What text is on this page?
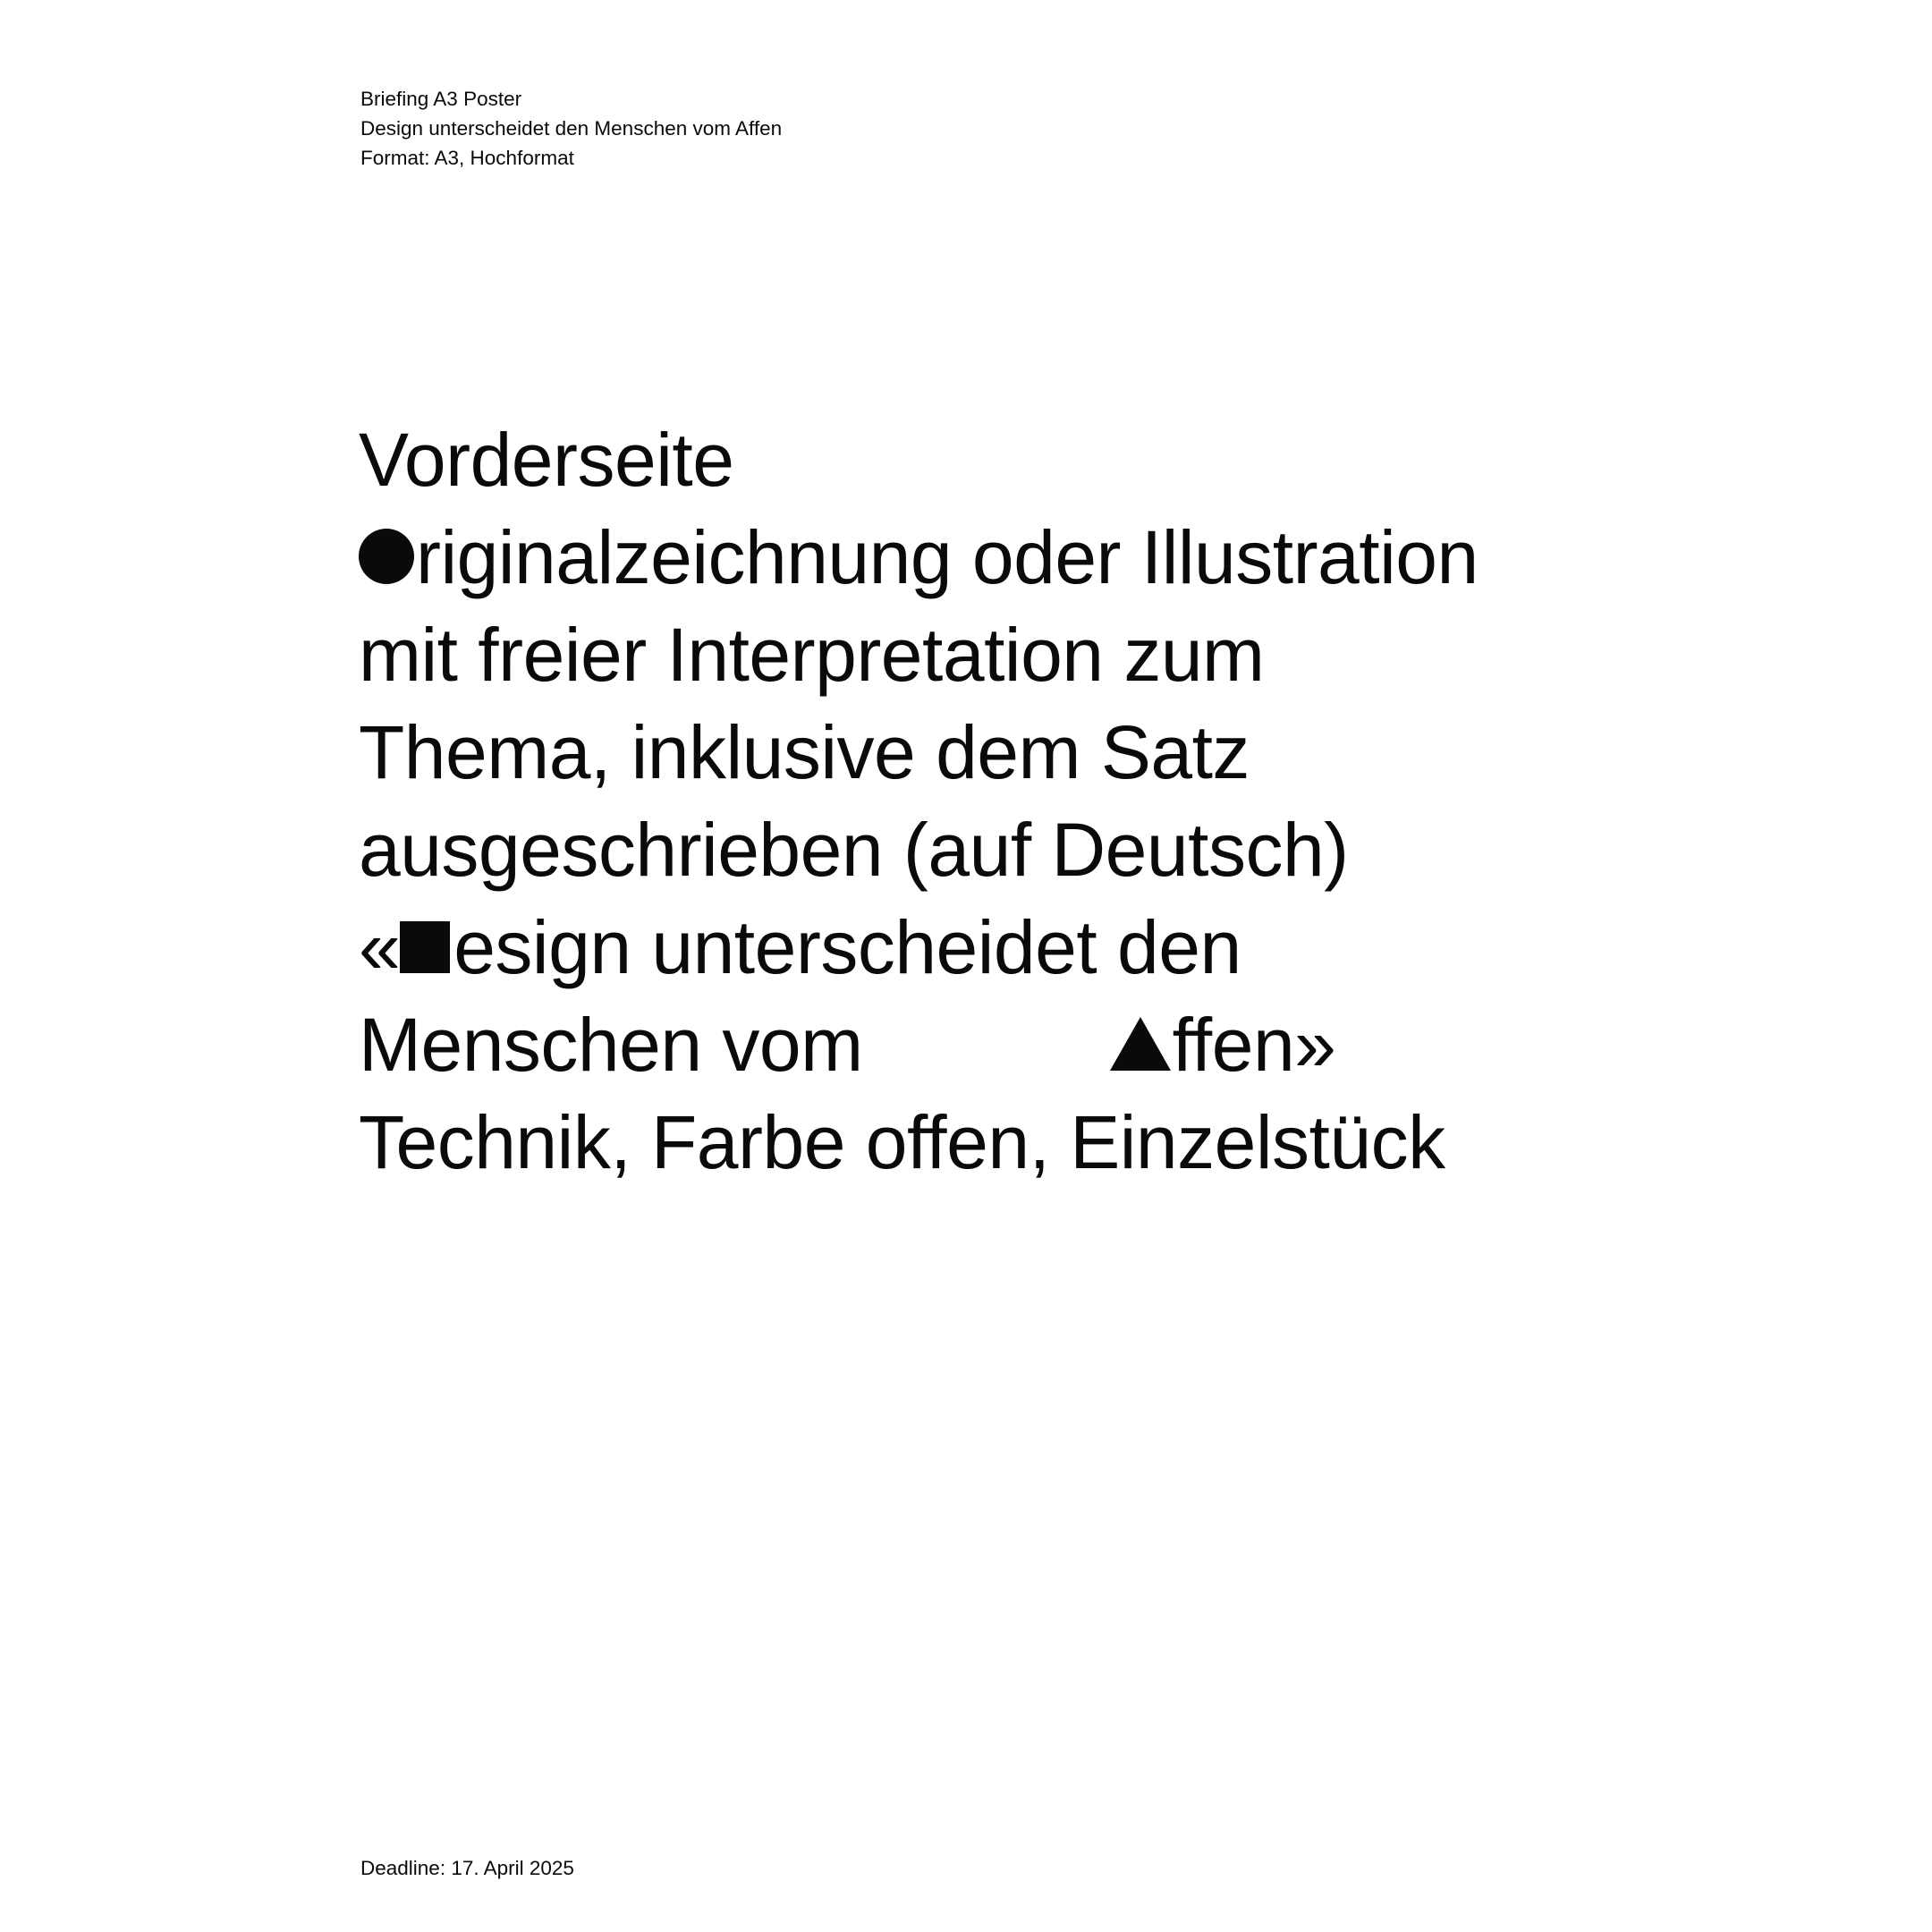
Briefing A3 Poster
Design unterscheidet den Menschen vom Affen
Format: A3, Hochformat
Vorderseite
riginalzeichnung oder Illustration
mit freier Interpretation zum
Thema, inklusive dem Satz
ausgeschrieben (auf Deutsch)
« esign unterscheidet den
Menschen vom	ffen»
Technik, Farbe offen, Einzelstück
Deadline: 17. April 2025
